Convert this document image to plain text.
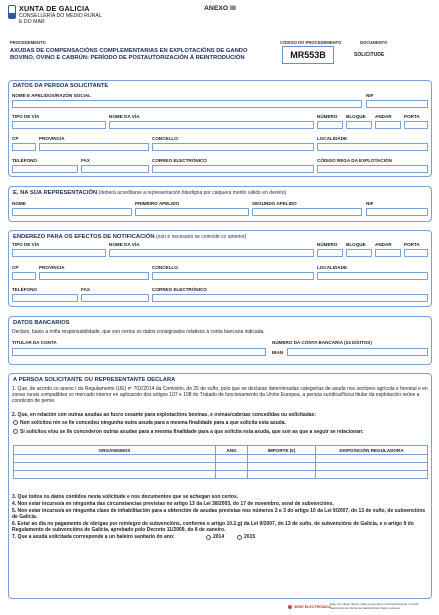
XUNTA DE GALICIA
CONSELLERÍA DO MEDIO RURAL
E DO MAR
ANEXO III
PROCEDEMENTO
AXUDAS DE COMPENSACIÓNS COMPLEMENTARIAS EN EXPLOTACIÓNS DE GANDO BOVINO, OVINO E CABRÚN: PERÍODO DE POSTAUTORIZACIÓN Á REINTRODUCIÓN
CÓDIGO DO PROCEDEMENTO
MR553B
DOCUMENTO
SOLICITUDE
DATOS DA PERSOA SOLICITANTE
NOME E APELIDOS/RAZÓN SOCIAL	NIF
TIPO DE VÍA	NOME DA VÍA	NÚMERO BLOQUE ANDAR	PORTA
CP	PROVINCIA	CONCELLO	LOCALIDADE
TELÉFONO	FAX	CORREO ELECTRÓNICO	CÓDIGO REGA DA EXPLOTACIÓN
E, NA SÚA REPRESENTACIÓN (deberá acreditarse a representación fidedigna por calquera medio válido en dereito)
NOME	PRIMEIRO APELIDO	SEGUNDO APELIDO	NIF
ENDEREZO PARA OS EFECTOS DE NOTIFICACIÓN (non é necesario se coincide co anterior)
TIPO DE VÍA	NOME DA VÍA	NÚMERO BLOQUE ANDAR	PORTA
CP	PROVINCIA	CONCELLO	LOCALIDADE
TELÉFONO	FAX	CORREO ELECTRÓNICO
DATOS BANCARIOS
Declaro, baixo a miña responsabilidade, que son certos os datos consignados relativos á conta bancaria indicada.
TITULAR DA CONTA	NÚMERO DA CONTA BANCARIA (24 DÍXITOS)
IBAN
A PERSOA SOLICITANTE OU REPRESENTANTE DECLARA
1. Que, de acordo co anexo I do Regulamento (UE) nº 702/2014 da Comisión, do 25 de xuño, polo que se declaran determinadas categorías de axuda nos sectores agrícola e forestal e en zonas rurais compatibles co mercado interior en aplicación dos artigos 107 e 108 do Tratado de funcionamento da Unión Europea, a persoa xurídica/física titular da explotación reúne a condición de peme.
2. Que, en relación con outras axudas ao fucro cesante para explotacións bovinas, e ovinas/cabrúas concedidas ou solicitadas:
Non solicitou nin se lle concedeu ningunha outra axuda para a mesma finalidade para a que solicita esta axuda.
Si solicitou e/ou se lle concederon outras axudas para a mesma finalidade para a que solicita esta axuda, que son as que a seguir se relacionan:
ORGANISMOS	ANO	IMPORTE (€)	DISPOSICIÓN REGULADORA

3. Que todos os datos contidos nesta solicitude e nos documentos que se achegan son certos.
4. Non estar incurso/a en ningunha das circunstancias previstas no artigo 13 da Lei 38/2003, do 17 de novembro, xeral de subvencións.
5. Non estar incurso/a en ningunha clase de inhabilitación para a obtención de axudas previstas nos números 2 e 3 do artigo 10 da Lei 9/2007, do 13 de xuño, de subvencións de Galicia.
6. Estar ao día no pagamento de obrigas por reintegro de subvencións, conforme o artigo 10.2.g) da Lei 9/2007, do 13 de xuño, de subvencións de Galicia, e o artigo 9 do Regulamento de subvencións de Galicia, aprobado polo Decreto 11/2009, do 8 de xaneiro.
7. Que a axuda solicitada corresponde a un baleiro sanitario do ano:	2014	2015
SEDE ELECTRÓNICA
Este formulario tamén pode presentarse electronicamente na sede electrónica da Xunta de Galicia https://sede.xunta.es
